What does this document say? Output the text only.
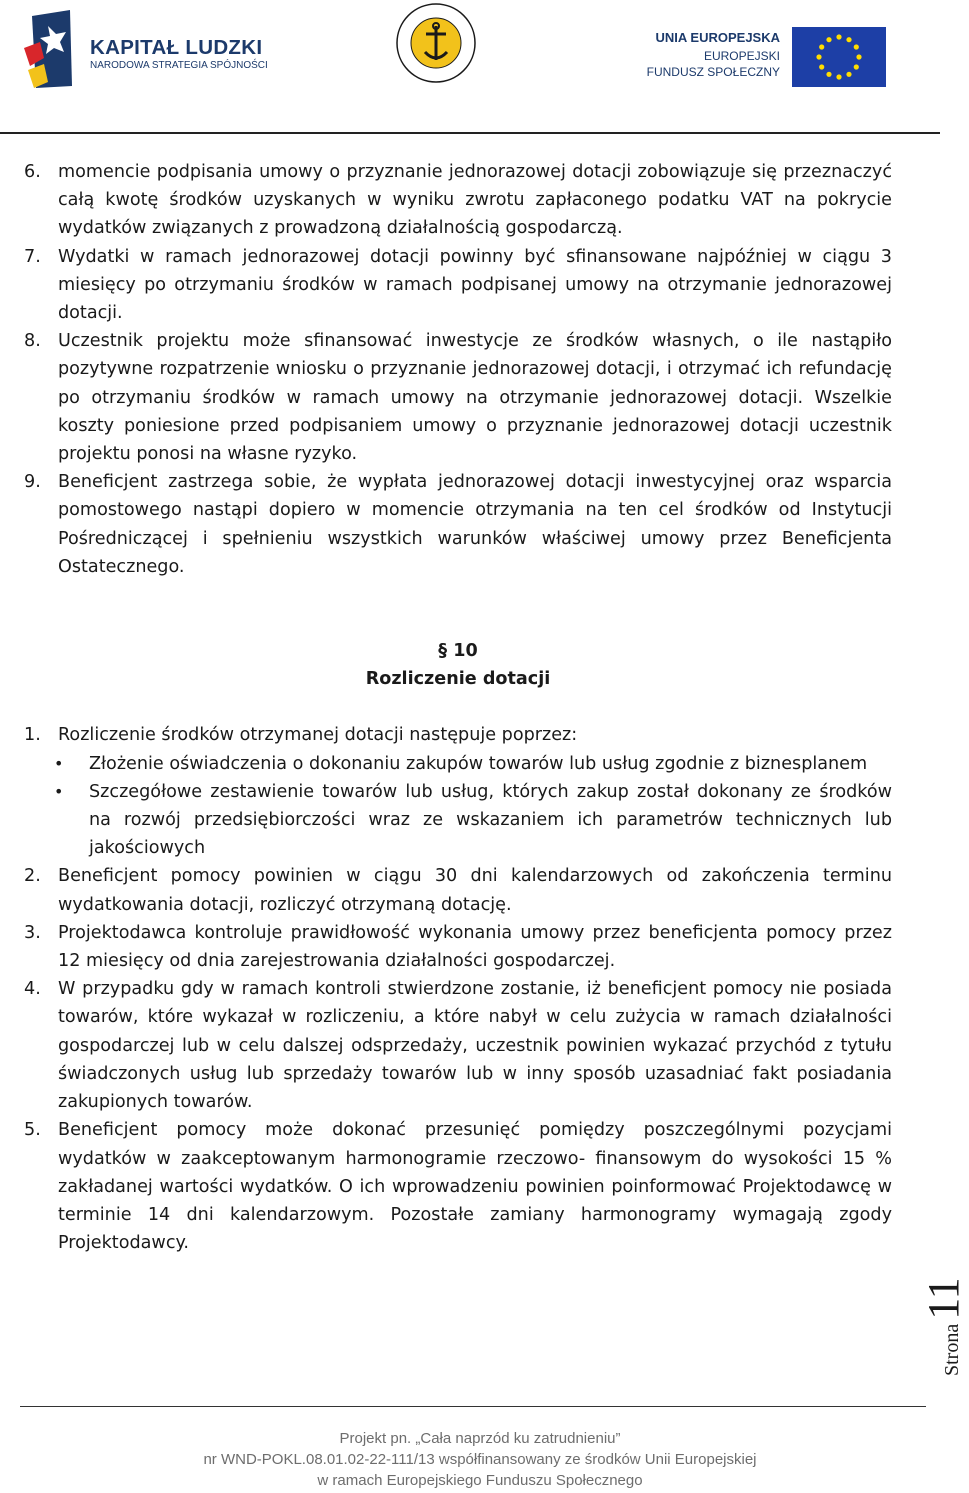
KAPITAŁ LUDZKI
NARODOWA STRATEGIA SPÓJNOŚCI
UNIA EUROPEJSKA
EUROPEJSKI
FUNDUSZ SPOŁECZNY
6. momencie podpisania umowy o przyznanie jednorazowej dotacji zobowiązuje się przeznaczyć całą kwotę środków uzyskanych w wyniku zwrotu zapłaconego podatku VAT na pokrycie wydatków związanych z prowadzoną działalnością gospodarczą.

7. Wydatki w ramach jednorazowej dotacji powinny być sfinansowane najpóźniej w ciągu 3 miesięcy po otrzymaniu środków w ramach podpisanej umowy na otrzymanie jednorazowej dotacji.

8. Uczestnik projektu może sfinansować inwestycje ze środków własnych, o ile nastąpiło pozytywne rozpatrzenie wniosku o przyznanie jednorazowej dotacji, i otrzymać ich refundację po otrzymaniu środków w ramach umowy na otrzymanie jednorazowej dotacji. Wszelkie koszty poniesione przed podpisaniem umowy o przyznanie jednorazowej dotacji uczestnik projektu ponosi na własne ryzyko.

9. Beneficjent zastrzega sobie, że wypłata jednorazowej dotacji inwestycyjnej oraz wsparcia pomostowego nastąpi dopiero w momencie otrzymania na ten cel środków od Instytucji Pośredniczącej i spełnieniu wszystkich warunków właściwej umowy przez Beneficjenta Ostatecznego.

§ 10
Rozliczenie dotacji
1. Rozliczenie środków otrzymanej dotacji następuje poprzez:

• Złożenie oświadczenia o dokonaniu zakupów towarów lub usług zgodnie z biznesplanem
• Szczegółowe zestawienie towarów lub usług, których zakup został dokonany ze środków na rozwój przedsiębiorczości wraz ze wskazaniem ich parametrów technicznych lub jakościowych
2. Beneficjent pomocy powinien w ciągu 30 dni kalendarzowych od zakończenia terminu wydatkowania dotacji, rozliczyć otrzymaną dotację.

3. Projektodawca kontroluje prawidłowość wykonania umowy przez beneficjenta pomocy przez 12 miesięcy od dnia zarejestrowania działalności gospodarczej.

4. W przypadku gdy w ramach kontroli stwierdzone zostanie, iż beneficjent pomocy nie posiada towarów, które wykazał w rozliczeniu, a które nabył w celu zużycia w ramach działalności gospodarczej lub w celu dalszej odsprzedaży, uczestnik powinien wykazać przychód z tytułu świadczonych usług lub sprzedaży towarów lub w inny sposób uzasadniać fakt posiadania zakupionych towarów.

5. Beneficjent pomocy może dokonać przesunięć pomiędzy poszczególnymi pozycjami wydatków w zaakceptowanym harmonogramie rzeczowo- finansowym do wysokości 15 % zakładanej wartości wydatków. O ich wprowadzeniu powinien poinformować Projektodawcę w terminie 14 dni kalendarzowym. Pozostałe zamiany harmonogramy wymagają zgody Projektodawcy.

Strona11
Projekt pn. „Cała naprzód ku zatrudnieniu”
nr WND-POKL.08.01.02-22-111/13 współfinansowany ze środków Unii Europejskiej
w ramach Europejskiego Funduszu Społecznego
